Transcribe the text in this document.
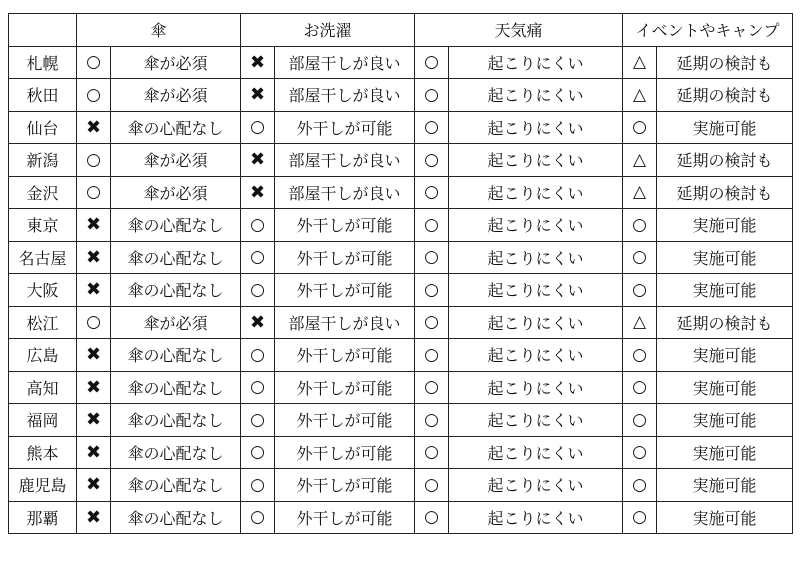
	傘		お洗濯		天気痛		イベントやキャンプ	
札幌	○	傘が必須	✖	部屋干しが良い	○	起こりにくい	△	延期の検討も
秋田	○	傘が必須	✖	部屋干しが良い	○	起こりにくい	△	延期の検討も
仙台	✖	傘の心配なし	○	外干しが可能	○	起こりにくい	○	実施可能
新潟	○	傘が必須	✖	部屋干しが良い	○	起こりにくい	△	延期の検討も
金沢	○	傘が必須	✖	部屋干しが良い	○	起こりにくい	△	延期の検討も
東京	✖	傘の心配なし	○	外干しが可能	○	起こりにくい	○	実施可能
名古屋	✖	傘の心配なし	○	外干しが可能	○	起こりにくい	○	実施可能
大阪	✖	傘の心配なし	○	外干しが可能	○	起こりにくい	○	実施可能
松江	○	傘が必須	✖	部屋干しが良い	○	起こりにくい	△	延期の検討も
広島	✖	傘の心配なし	○	外干しが可能	○	起こりにくい	○	実施可能
高知	✖	傘の心配なし	○	外干しが可能	○	起こりにくい	○	実施可能
福岡	✖	傘の心配なし	○	外干しが可能	○	起こりにくい	○	実施可能
熊本	✖	傘の心配なし	○	外干しが可能	○	起こりにくい	○	実施可能
鹿児島	✖	傘の心配なし	○	外干しが可能	○	起こりにくい	○	実施可能
那覇	✖	傘の心配なし	○	外干しが可能	○	起こりにくい	○	実施可能
